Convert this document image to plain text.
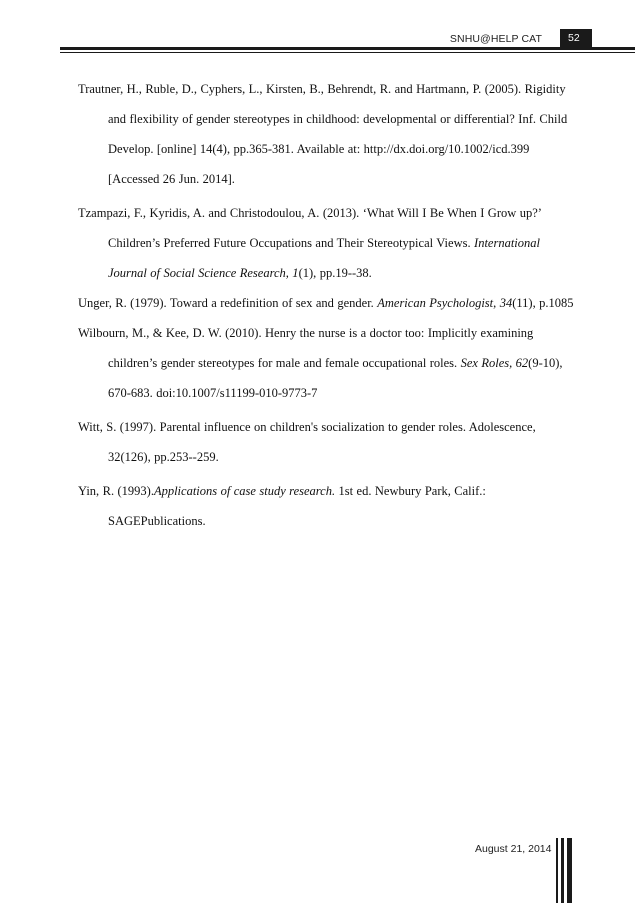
SNHU@HELP CAT	52

Trautner, H., Ruble, D., Cyphers, L., Kirsten, B., Behrendt, R. and Hartmann, P. (2005). Rigidity and flexibility of gender stereotypes in childhood: developmental or differential? Inf. Child Develop. [online] 14(4), pp.365-381. Available at: http://dx.doi.org/10.1002/icd.399 [Accessed 26 Jun. 2014].

Tzampazi, F., Kyridis, A. and Christodoulou, A. (2013). ‘What Will I Be When I Grow up?’ Children’s Preferred Future Occupations and Their Stereotypical Views. International Journal of Social Science Research, 1(1), pp.19--38.

Unger, R. (1979). Toward a redefinition of sex and gender. American Psychologist, 34(11), p.1085

Wilbourn, M., & Kee, D. W. (2010). Henry the nurse is a doctor too: Implicitly examining children’s gender stereotypes for male and female occupational roles. Sex Roles, 62(9-10), 670-683. doi:10.1007/s11199-010-9773-7

Witt, S. (1997). Parental influence on children's socialization to gender roles. Adolescence, 32(126), pp.253--259.

Yin, R. (1993).Applications of case study research. 1st ed. Newbury Park, Calif.: SAGEPublications.

August 21, 2014
